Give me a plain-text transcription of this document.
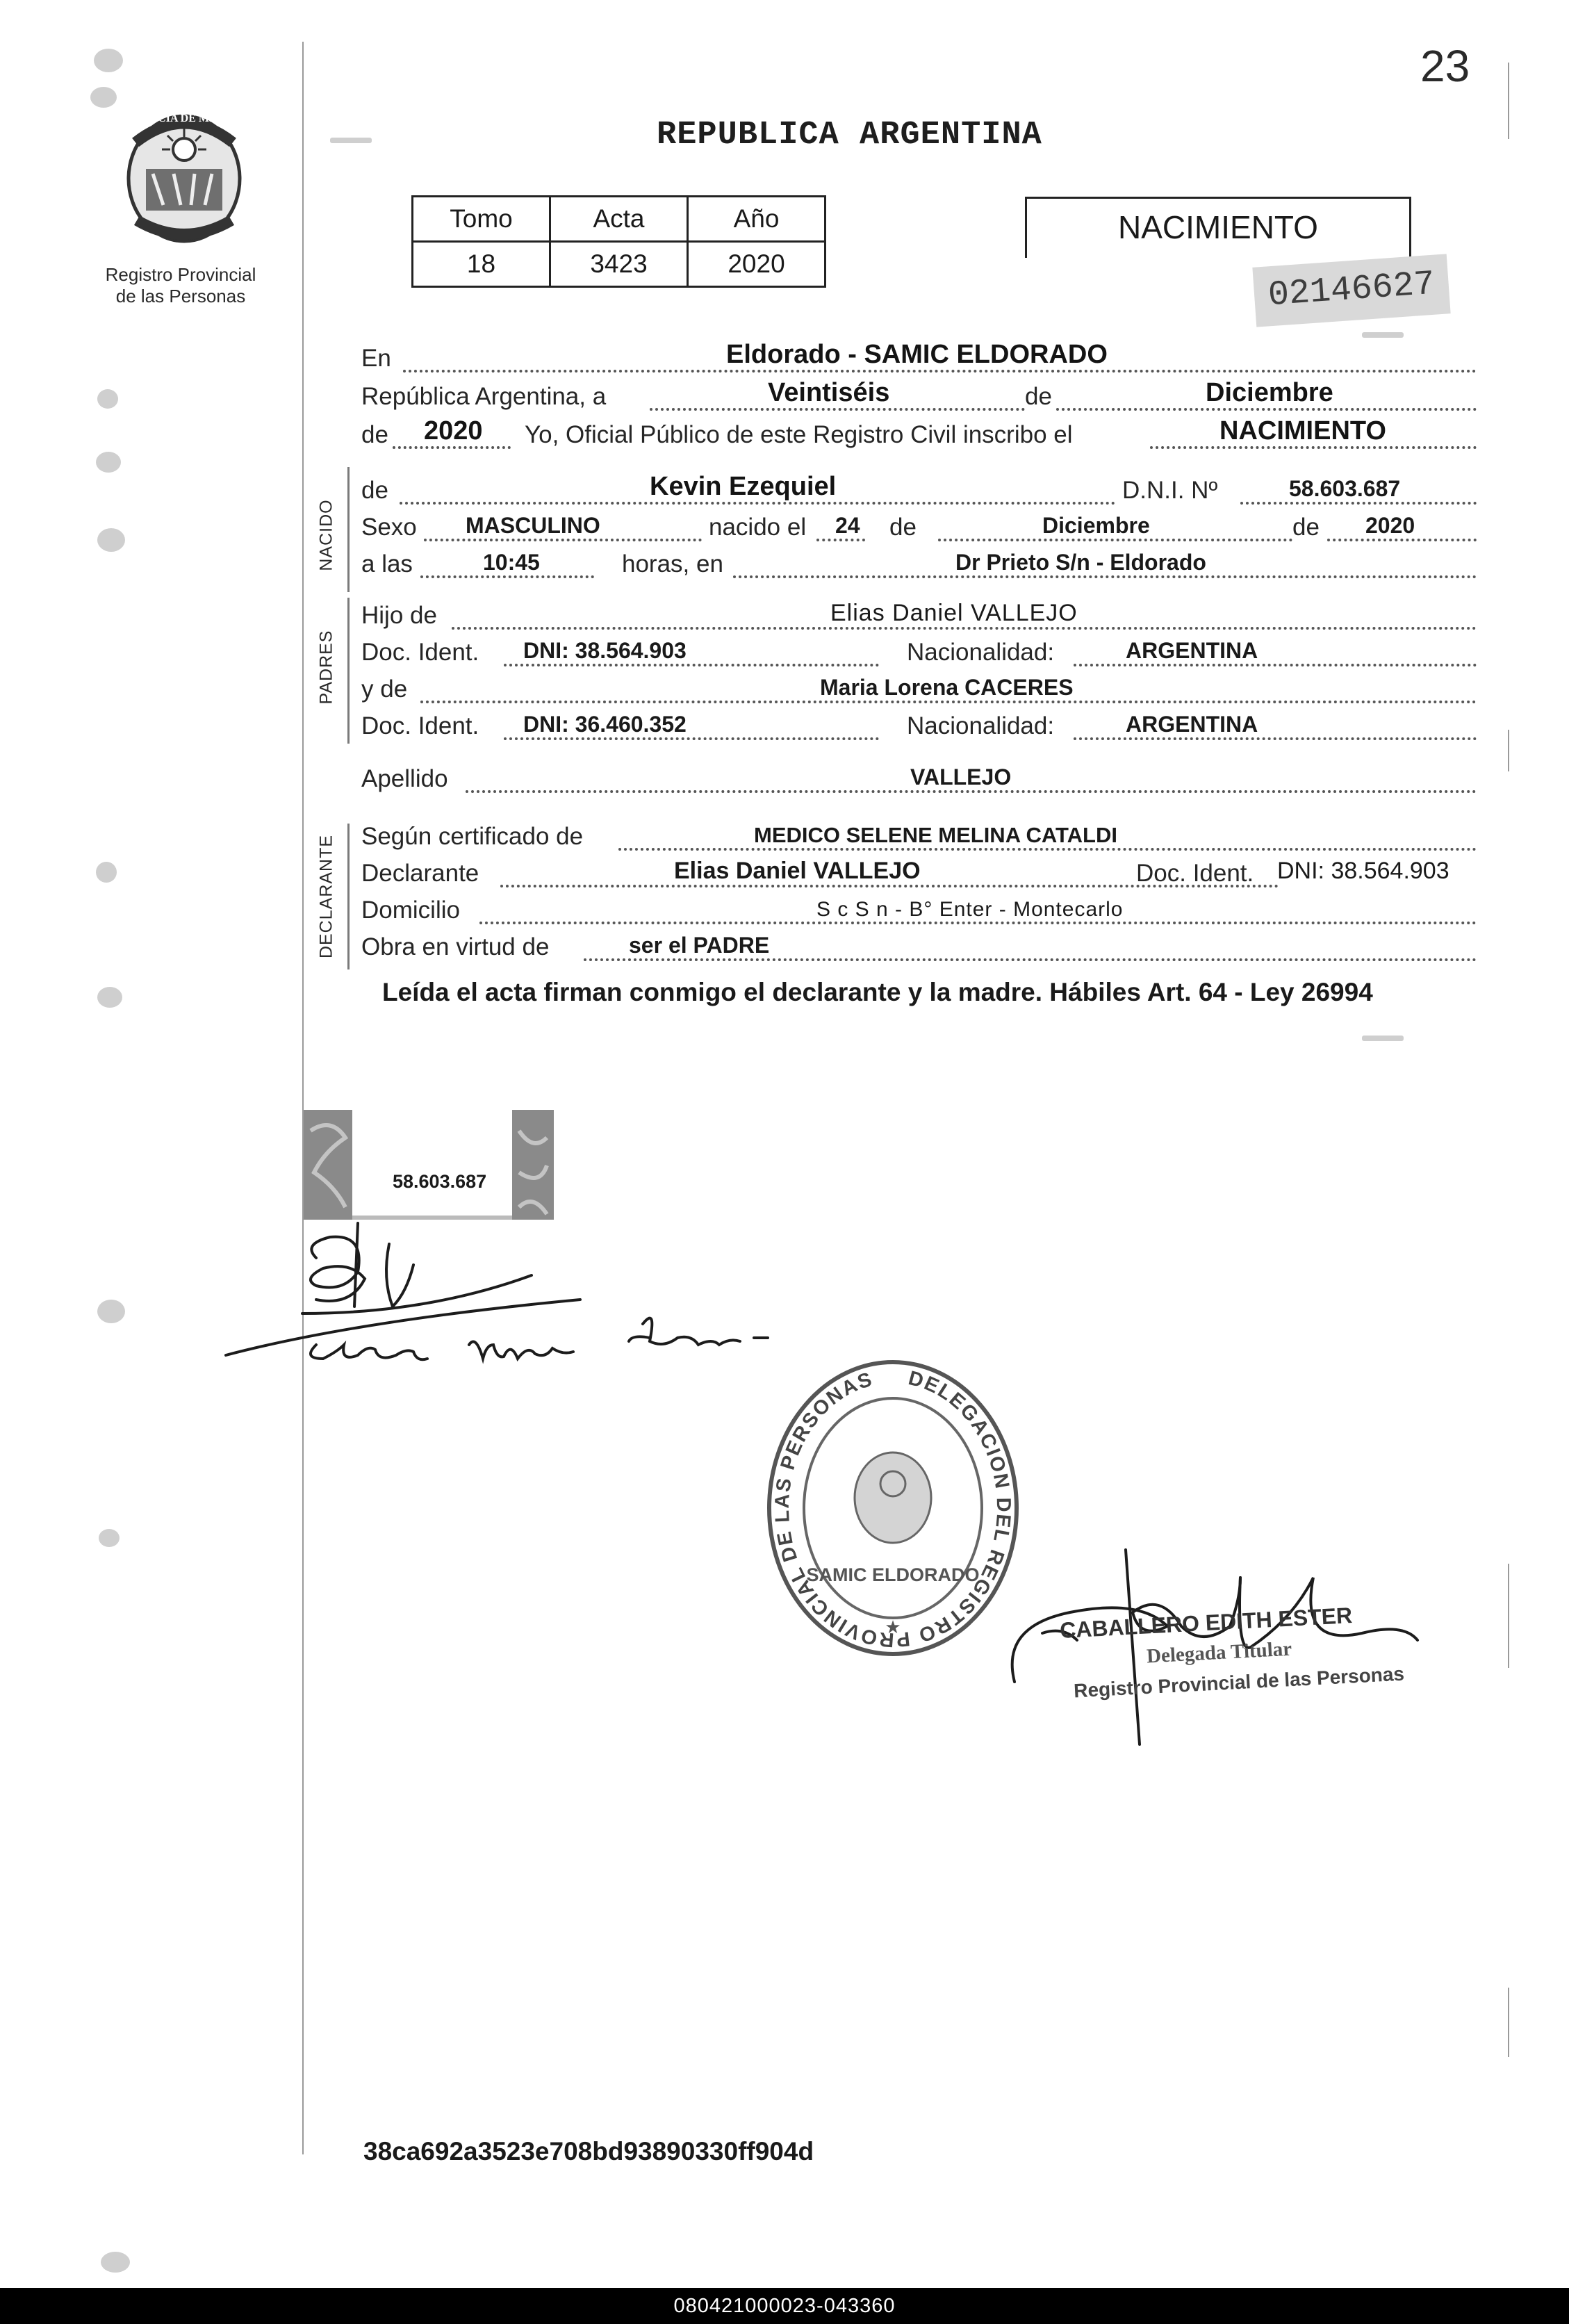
23
PROVINCIA DE MISIONES
Registro Provincial
de las Personas
REPUBLICA ARGENTINA
Tomo	Acta	Año
18	3423	2020
NACIMIENTO
02146627
En	Eldorado - SAMIC ELDORADO
República Argentina, a	Veintiséis	de	Diciembre
de 2020 Yo, Oficial Público de este Registro Civil inscribo el	NACIMIENTO
NACIDO
de	Kevin Ezequiel	D.N.I. Nº	58.603.687
Sexo MASCULINO	nacido el 24 de	Diciembre	de 2020
a las	10:45	horas, en	Dr Prieto S/n - Eldorado
PADRES
Hijo de	Elias Daniel VALLEJO
Doc. Ident. DNI: 38.564.903	Nacionalidad:	ARGENTINA
y de	Maria Lorena CACERES
Doc. Ident. DNI: 36.460.352	Nacionalidad:	ARGENTINA
Apellido	VALLEJO
DECLARANTE Según certificado de	MEDICO SELENE MELINA CATALDI
Declarante	Elias Daniel VALLEJO	Doc. Ident. DNI: 38.564.903
Domicilio	S c S n - B° Enter - Montecarlo
Obra en virtud de	ser el PADRE
Leída el acta firman conmigo el declarante y la madre. Hábiles Art. 64 - Ley 26994
58.603.687
DELEGACION DEL REGISTRO PROVINCIAL DE LAS PERSONAS
SAMIC ELDORADO
★	CABALLERO EDITH ESTER
Delegada Titular
Registro Provincial de las Personas
38ca692a3523e708bd93890330ff904d
080421000023-043360
